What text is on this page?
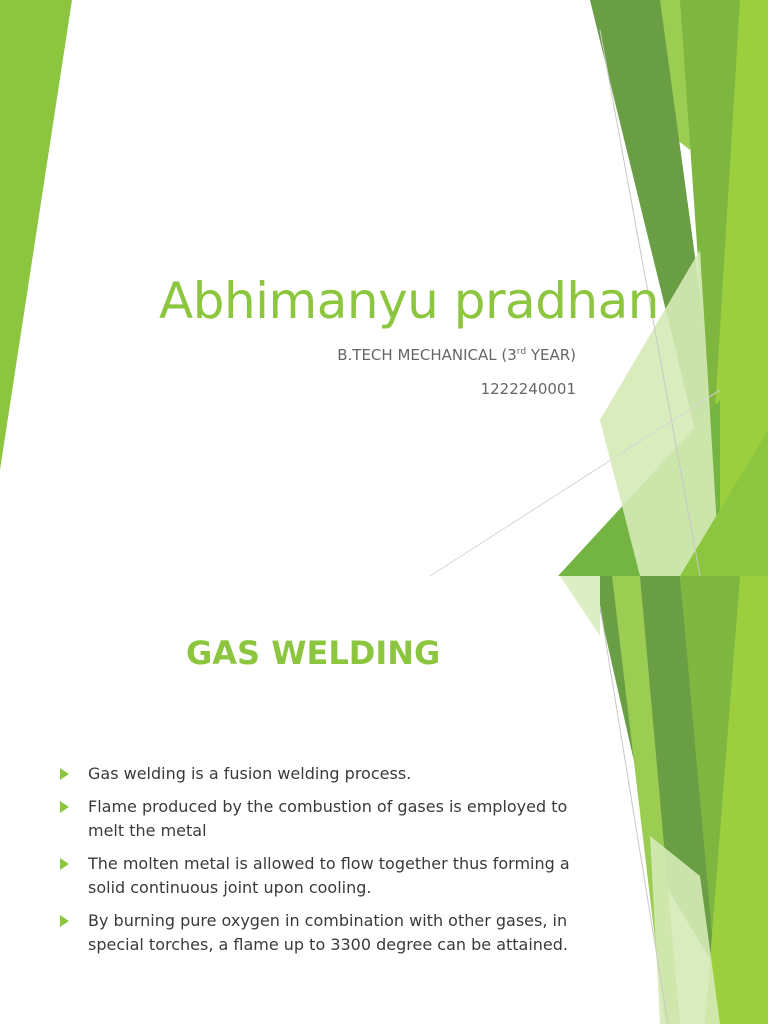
Abhimanyu pradhan
B.TECH MECHANICAL (3rd YEAR)
1222240001
GAS WELDING
Gas welding is a fusion welding process.
Flame produced by the combustion of gases is employed to melt the metal
The molten metal is allowed to flow together thus forming a solid continuous joint upon cooling.
By burning pure oxygen in combination with other gases, in special torches, a flame up to 3300 degree can be attained.
